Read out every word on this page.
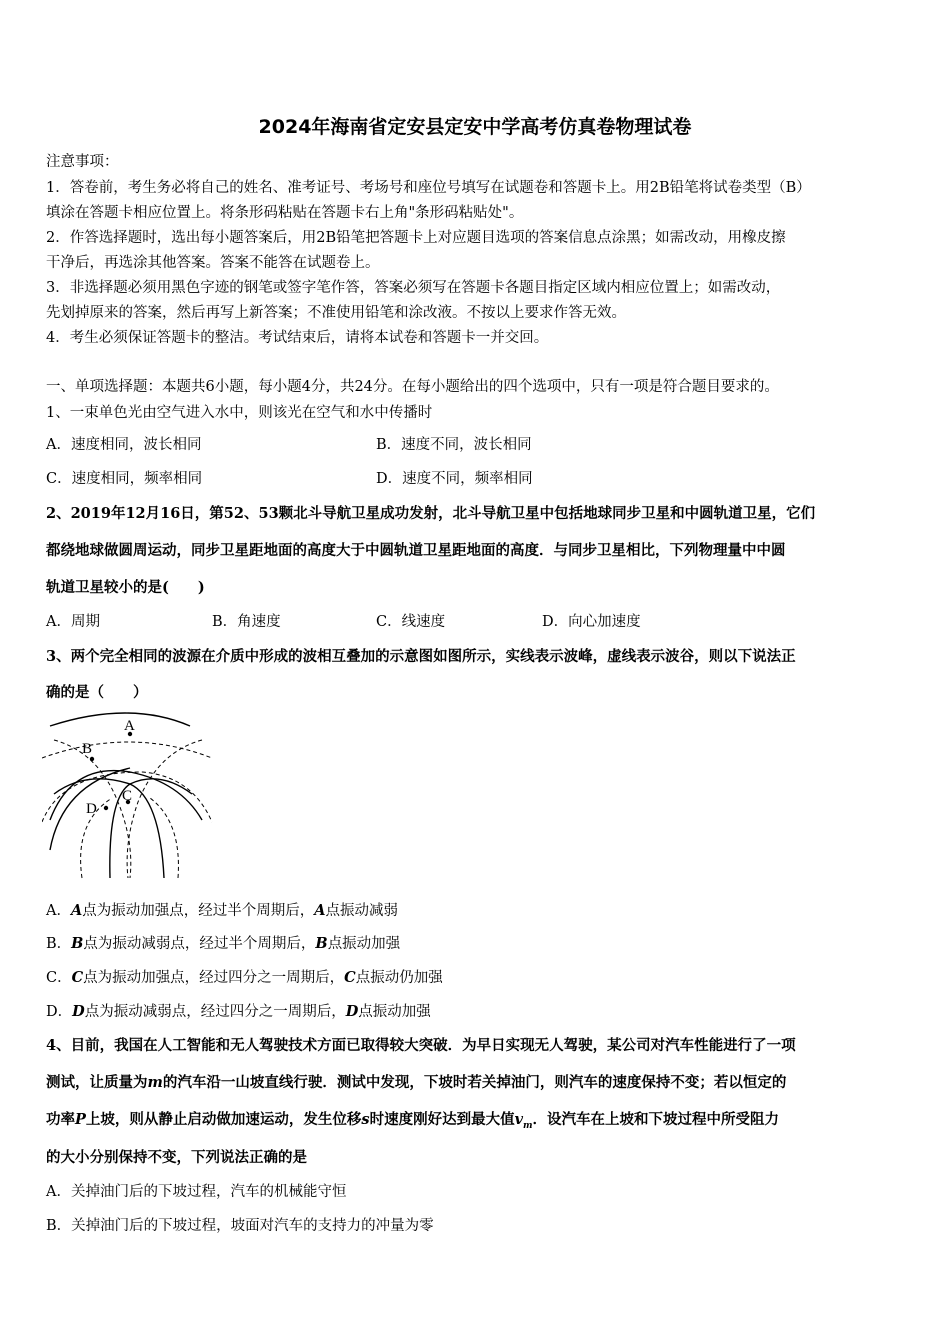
2024年海南省定安县定安中学高考仿真卷物理试卷
注意事项：
1．答卷前，考生务必将自己的姓名、准考证号、考场号和座位号填写在试题卷和答题卡上。用2B铅笔将试卷类型（B）
填涂在答题卡相应位置上。将条形码粘贴在答题卡右上角"条形码粘贴处"。
2．作答选择题时，选出每小题答案后，用2B铅笔把答题卡上对应题目选项的答案信息点涂黑；如需改动，用橡皮擦
干净后，再选涂其他答案。答案不能答在试题卷上。
3．非选择题必须用黑色字迹的钢笔或签字笔作答，答案必须写在答题卡各题目指定区域内相应位置上；如需改动，
先划掉原来的答案，然后再写上新答案；不准使用铅笔和涂改液。不按以上要求作答无效。
4．考生必须保证答题卡的整洁。考试结束后，请将本试卷和答题卡一并交回。
一、单项选择题：本题共6小题，每小题4分，共24分。在每小题给出的四个选项中，只有一项是符合题目要求的。
1、一束单色光由空气进入水中，则该光在空气和水中传播时
A．速度相同，波长相同	B．速度不同，波长相同
C．速度相同，频率相同	D．速度不同，频率相同
2、2019年12月16日，第52、53颗北斗导航卫星成功发射，北斗导航卫星中包括地球同步卫星和中圆轨道卫星，它们
都绕地球做圆周运动，同步卫星距地面的高度大于中圆轨道卫星距地面的高度．与同步卫星相比，下列物理量中中圆
轨道卫星较小的是(　　)
A．周期	B．角速度	C．线速度	D．向心加速度
3、两个完全相同的波源在介质中形成的波相互叠加的示意图如图所示，实线表示波峰，虚线表示波谷，则以下说法正
确的是（　　）
A
B
C
D
A．A点为振动加强点，经过半个周期后，A点振动减弱
B．B点为振动减弱点，经过半个周期后，B点振动加强
C．C点为振动加强点，经过四分之一周期后，C点振动仍加强
D．D点为振动减弱点，经过四分之一周期后，D点振动加强
4、目前，我国在人工智能和无人驾驶技术方面已取得较大突破．为早日实现无人驾驶，某公司对汽车性能进行了一项
测试，让质量为m的汽车沿一山坡直线行驶．测试中发现，下坡时若关掉油门，则汽车的速度保持不变；若以恒定的
功率P上坡，则从静止启动做加速运动，发生位移s时速度刚好达到最大值$v_m$．设汽车在上坡和下坡过程中所受阻力
的大小分别保持不变，下列说法正确的是
A．关掉油门后的下坡过程，汽车的机械能守恒
B．关掉油门后的下坡过程，坡面对汽车的支持力的冲量为零
